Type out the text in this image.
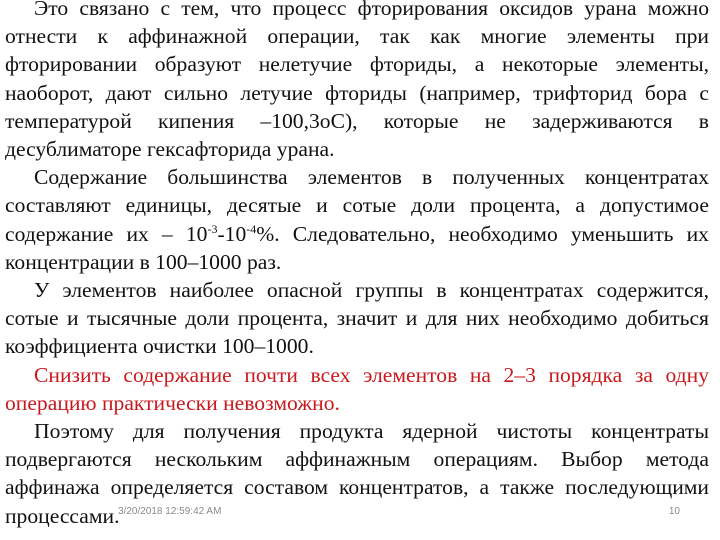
Это связано с тем, что процесс фторирования оксидов урана можно отнести к аффинажной операции, так как многие элементы при фторировании образуют нелетучие фториды, а некоторые элементы, наоборот, дают сильно летучие фториды (например, трифторид бора с температурой кипения –100,3оС), которые не задерживаются в десублиматоре гексафторида урана.

Содержание большинства элементов в полученных концентратах составляют единицы, десятые и сотые доли процента, а допустимое содержание их – $10^{-3}-10^{-4}\%$. Следовательно, необходимо уменьшить их концентрации в 100–1000 раз.

У элементов наиболее опасной группы в концентратах содержится, сотые и тысячные доли процента, значит и для них необходимо добиться коэффициента очистки 100–1000.

Снизить содержание почти всех элементов на 2–3 порядка за одну операцию практически невозможно.

Поэтому для получения продукта ядерной чистоты концентраты подвергаются нескольким аффинажным операциям. Выбор метода аффинажа определяется составом концентратов, а также последующими процессами.

3/20/2018 12:59:42 AM	10
